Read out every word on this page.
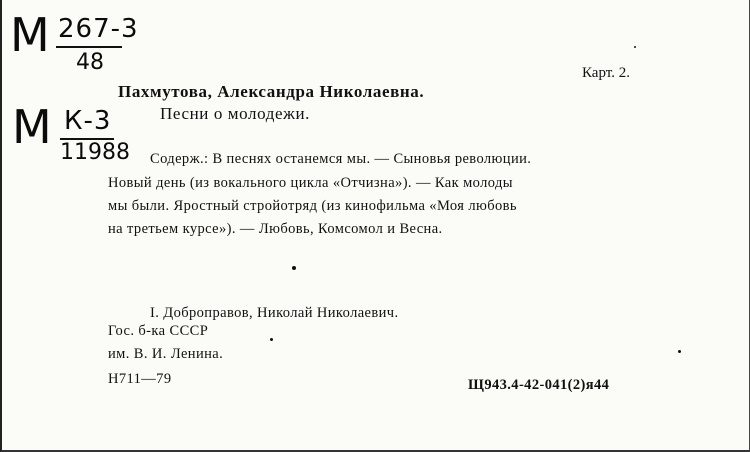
М 267-3
48
М К-3
11988
Карт. 2.
Пахмутова, Александра Николаевна.
Песни о молодежи.
Содерж.: В песнях останемся мы. — Сыновья революции.
Новый день (из вокального цикла «Отчизна»). — Как молоды
мы были. Яростный стройотряд (из кинофильма «Моя любовь
на третьем курсе»). — Любовь, Комсомол и Весна.
I. Доброправов, Николай Николаевич.
Гос. б-ка СССР
им. В. И. Ленина.
Н711—79	Щ943.4-42-041(2)я44
